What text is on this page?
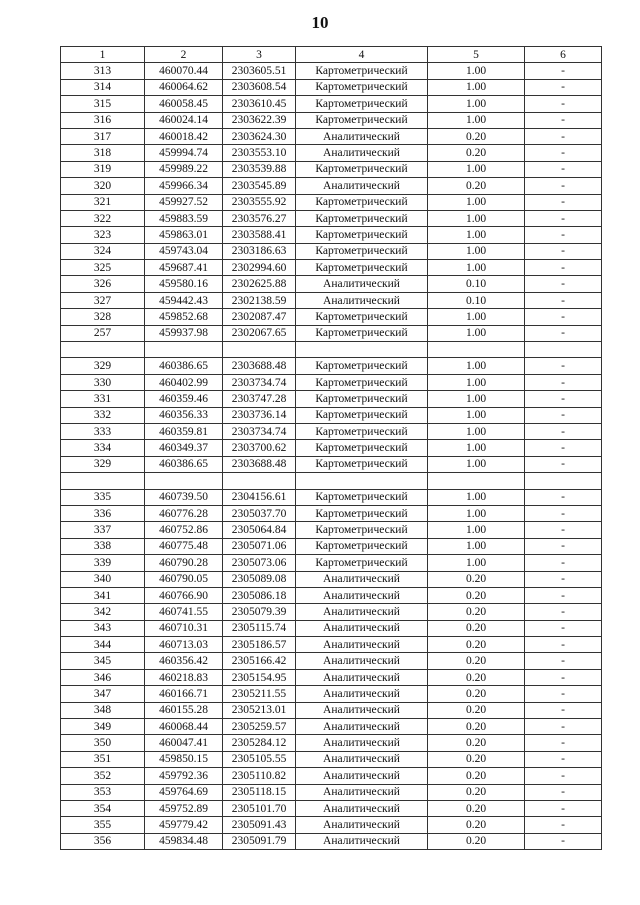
10
1	2	3	4	5	6
313	460070.44	2303605.51	Картометрический	1.00	-
314	460064.62	2303608.54	Картометрический	1.00	-
315	460058.45	2303610.45	Картометрический	1.00	-
316	460024.14	2303622.39	Картометрический	1.00	-
317	460018.42	2303624.30	Аналитический	0.20	-
318	459994.74	2303553.10	Аналитический	0.20	-
319	459989.22	2303539.88	Картометрический	1.00	-
320	459966.34	2303545.89	Аналитический	0.20	-
321	459927.52	2303555.92	Картометрический	1.00	-
322	459883.59	2303576.27	Картометрический	1.00	-
323	459863.01	2303588.41	Картометрический	1.00	-
324	459743.04	2303186.63	Картометрический	1.00	-
325	459687.41	2302994.60	Картометрический	1.00	-
326	459580.16	2302625.88	Аналитический	0.10	-
327	459442.43	2302138.59	Аналитический	0.10	-
328	459852.68	2302087.47	Картометрический	1.00	-
257	459937.98	2302067.65	Картометрический	1.00	-

329	460386.65	2303688.48	Картометрический	1.00	-
330	460402.99	2303734.74	Картометрический	1.00	-
331	460359.46	2303747.28	Картометрический	1.00	-
332	460356.33	2303736.14	Картометрический	1.00	-
333	460359.81	2303734.74	Картометрический	1.00	-
334	460349.37	2303700.62	Картометрический	1.00	-
329	460386.65	2303688.48	Картометрический	1.00	-

335	460739.50	2304156.61	Картометрический	1.00	-
336	460776.28	2305037.70	Картометрический	1.00	-
337	460752.86	2305064.84	Картометрический	1.00	-
338	460775.48	2305071.06	Картометрический	1.00	-
339	460790.28	2305073.06	Картометрический	1.00	-
340	460790.05	2305089.08	Аналитический	0.20	-
341	460766.90	2305086.18	Аналитический	0.20	-
342	460741.55	2305079.39	Аналитический	0.20	-
343	460710.31	2305115.74	Аналитический	0.20	-
344	460713.03	2305186.57	Аналитический	0.20	-
345	460356.42	2305166.42	Аналитический	0.20	-
346	460218.83	2305154.95	Аналитический	0.20	-
347	460166.71	2305211.55	Аналитический	0.20	-
348	460155.28	2305213.01	Аналитический	0.20	-
349	460068.44	2305259.57	Аналитический	0.20	-
350	460047.41	2305284.12	Аналитический	0.20	-
351	459850.15	2305105.55	Аналитический	0.20	-
352	459792.36	2305110.82	Аналитический	0.20	-
353	459764.69	2305118.15	Аналитический	0.20	-
354	459752.89	2305101.70	Аналитический	0.20	-
355	459779.42	2305091.43	Аналитический	0.20	-
356	459834.48	2305091.79	Аналитический	0.20	-
